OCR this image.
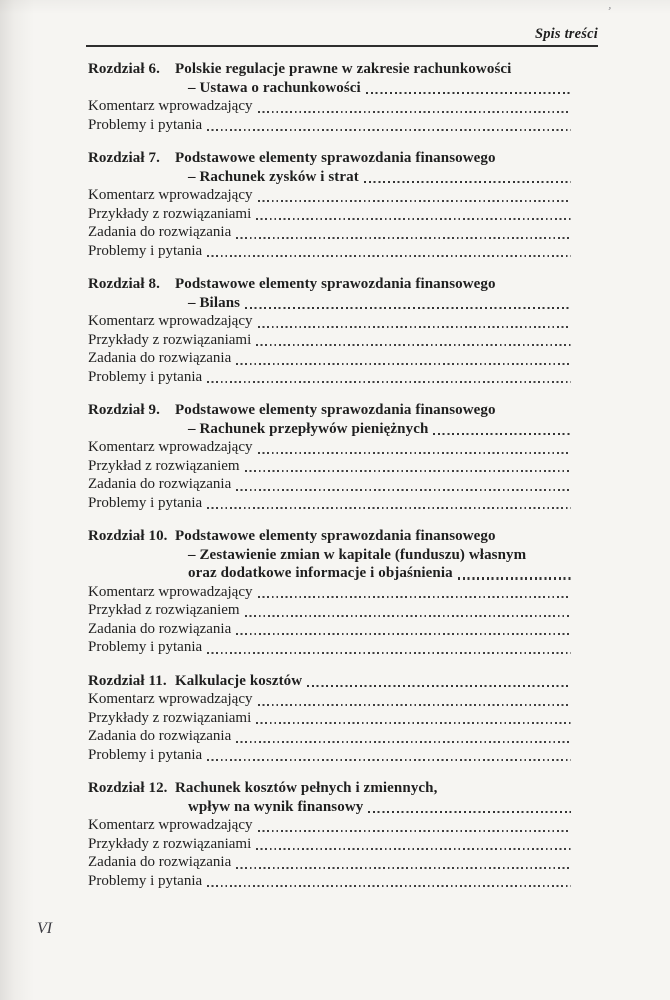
’
Spis treści
Rozdział 6.	Polskie regulacje prawne w zakresie rachunkowości
– Ustawa o rachunkowości
Komentarz wprowadzający
Problemy i pytania
Rozdział 7.	Podstawowe elementy sprawozdania finansowego
– Rachunek zysków i strat
Komentarz wprowadzający
Przykłady z rozwiązaniami
Zadania do rozwiązania
Problemy i pytania
Rozdział 8.	Podstawowe elementy sprawozdania finansowego
– Bilans
Komentarz wprowadzający
Przykłady z rozwiązaniami
Zadania do rozwiązania
Problemy i pytania
Rozdział 9.	Podstawowe elementy sprawozdania finansowego
– Rachunek przepływów pieniężnych
Komentarz wprowadzający
Przykład z rozwiązaniem
Zadania do rozwiązania
Problemy i pytania
Rozdział 10. Podstawowe elementy sprawozdania finansowego
– Zestawienie zmian w kapitale (funduszu) własnym
oraz dodatkowe informacje i objaśnienia
Komentarz wprowadzający
Przykład z rozwiązaniem
Zadania do rozwiązania
Problemy i pytania
Rozdział 11. Kalkulacje kosztów
Komentarz wprowadzający
Przykłady z rozwiązaniami
Zadania do rozwiązania
Problemy i pytania
Rozdział 12. Rachunek kosztów pełnych i zmiennych,
wpływ na wynik finansowy
Komentarz wprowadzający
Przykłady z rozwiązaniami
Zadania do rozwiązania
Problemy i pytania
VI
